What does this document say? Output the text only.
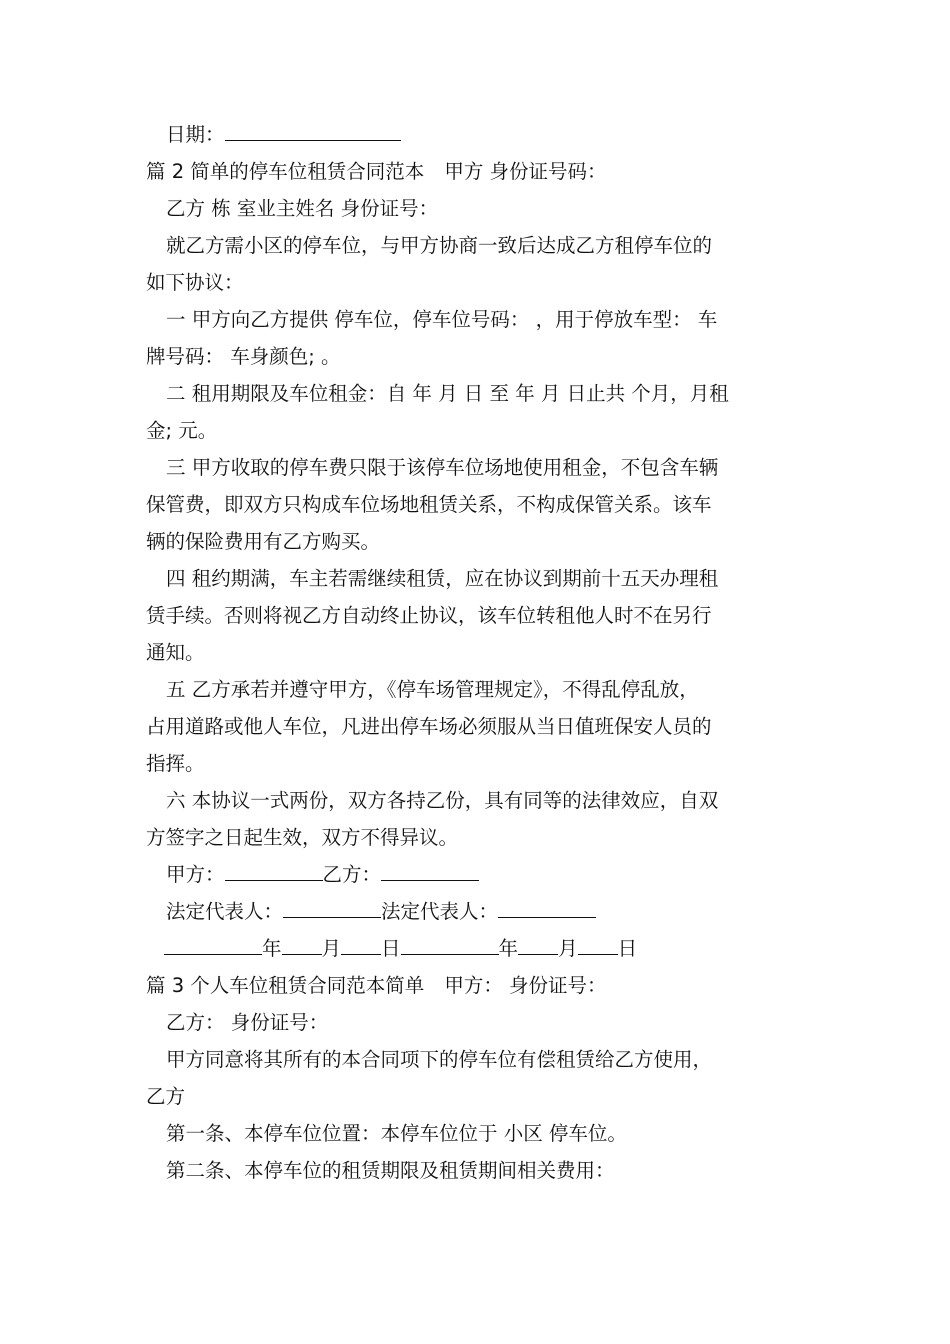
日期：
篇 2 简单的停车位租赁合同范本 甲方 身份证号码：
乙方 栋 室业主姓名 身份证号：
就乙方需小区的停车位，与甲方协商一致后达成乙方租停车位的
如下协议：
一 甲方向乙方提供 停车位，停车位号码： ，用于停放车型： 车
牌号码： 车身颜色; 。
二 租用期限及车位租金：自 年 月 日 至 年 月 日止共 个月，月租
金; 元。
三 甲方收取的停车费只限于该停车位场地使用租金，不包含车辆
保管费，即双方只构成车位场地租赁关系，不构成保管关系。该车
辆的保险费用有乙方购买。
四 租约期满，车主若需继续租赁，应在协议到期前十五天办理租
赁手续。否则将视乙方自动终止协议，该车位转租他人时不在另行
通知。
五 乙方承若并遵守甲方，《停车场管理规定》，不得乱停乱放，
占用道路或他人车位，凡进出停车场必须服从当日值班保安人员的
指挥。
六 本协议一式两份，双方各持乙份，具有同等的法律效应，自双
方签字之日起生效，双方不得异议。
甲方：	乙方：
法定代表人：	法定代表人：
年 月 日	年 月 日
篇 3 个人车位租赁合同范本简单 甲方： 身份证号：
乙方： 身份证号：
甲方同意将其所有的本合同项下的停车位有偿租赁给乙方使用，
乙方
第一条、本停车位位置：本停车位位于 小区 停车位。
第二条、本停车位的租赁期限及租赁期间相关费用：
